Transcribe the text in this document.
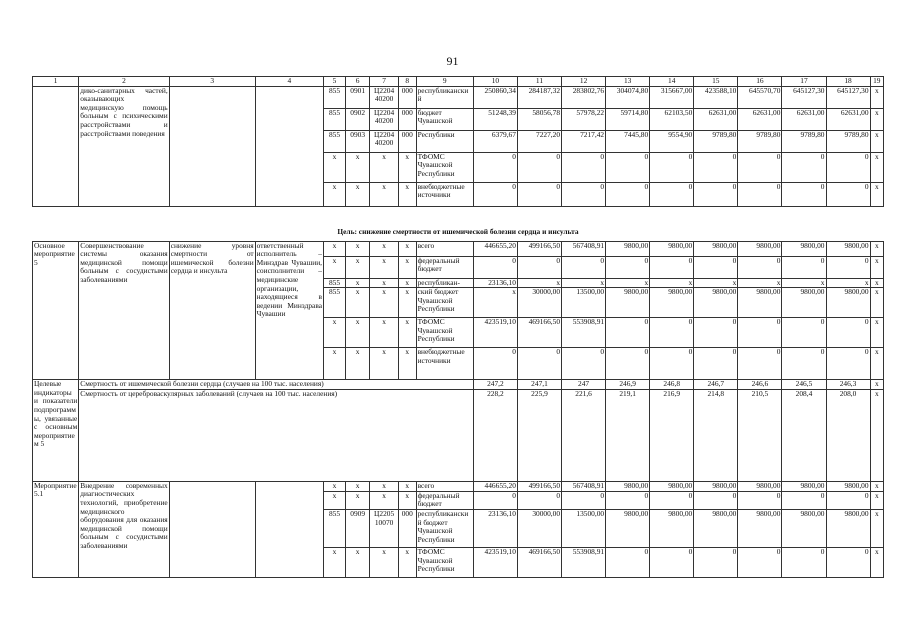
91
1	2	3	4	5	6	7	8	9	10	11	12	13	14	15	16	17	18	19
	дико-санитарных частей, оказывающих медицинскую помощь больным с психическими расстройствами и расстройствами поведения			855	0901	Ц2204 40200	000	республиканский	250860,34	284187,32	283802,76	304074,80	315667,00	423588,10	645570,70	645127,30	645127,30	x
				855	0902	Ц2204 40200	000	бюджет Чувашской	51248,39	58056,78	57978,22	59714,80	62103,50	62631,00	62631,00	62631,00	62631,00	x
				855	0903	Ц2204 40200	000	Республики	6379,67	7227,20	7217,42	7445,80	9554,90	9789,80	9789,80	9789,80	9789,80	x
				x	x	x	x	ТФОМС Чувашской Республики	0	0	0	0	0	0	0	0	0	x
				x	x	x	x	внебюджетные источники	0	0	0	0	0	0	0	0	0	x
Цель: снижение смертности от ишемической болезни сердца и инсульта																		
Основное мероприятие 5	Совершенствование системы оказания медицинской помощи больным с сосудистыми заболеваниями	снижение уровня смертности от ишемической болезни сердца и инсульта	ответственный исполнитель – Минздрав Чувашии, соисполнители – медицинские организации, находящиеся в ведении Минздрава Чувашии	x	x	x	x	всего	446655,20	499166,50	567408,91	9800,00	9800,00	9800,00	9800,00	9800,00	9800,00	x
				x	x	x	x	федеральный бюджет	0	0	0	0	0	0	0	0	0	x
				855	x	x	x	республикан-	23136,10	x	x	x	x	x	x	x	x	x
				855	x	x	x	ский бюджет Чувашской Республики	x	30000,00	13500,00	9800,00	9800,00	9800,00	9800,00	9800,00	9800,00	x
				x	x	x	x	ТФОМС Чувашской Республики	423519,10	469166,50	553908,91	0	0	0	0	0	0	x
				x	x	x	x	внебюджетные источники	0	0	0	0	0	0	0	0	0	x
Целевые индикаторы и показатели подпрограммы, увязанные с основным мероприятием 5	Смертность от ишемической болезни сердца (случаев на 100 тыс. населения)								247,2	247,1	247	246,9	246,8	246,7	246,6	246,5	246,3	x
	Смертность от цереброваскулярных заболеваний (случаев на 100 тыс. населения)								228,2	225,9	221,6	219,1	216,9	214,8	210,5	208,4	208,0	x
Мероприятие 5.1	Внедрение современных диагностических технологий, приобретение медицинского оборудования для оказания медицинской помощи больным с сосудистыми заболеваниями			x	x	x	x	всего	446655,20	499166,50	567408,91	9800,00	9800,00	9800,00	9800,00	9800,00	9800,00	x
				x	x	x	x	федеральный бюджет	0	0	0	0	0	0	0	0	0	x
				855	0909	Ц2205 10070	000	республиканский бюджет Чувашской Республики	23136,10	30000,00	13500,00	9800,00	9800,00	9800,00	9800,00	9800,00	9800,00	x
				x	x	x	x	ТФОМС Чувашской Республики	423519,10	469166,50	553908,91	0	0	0	0	0	0	x
